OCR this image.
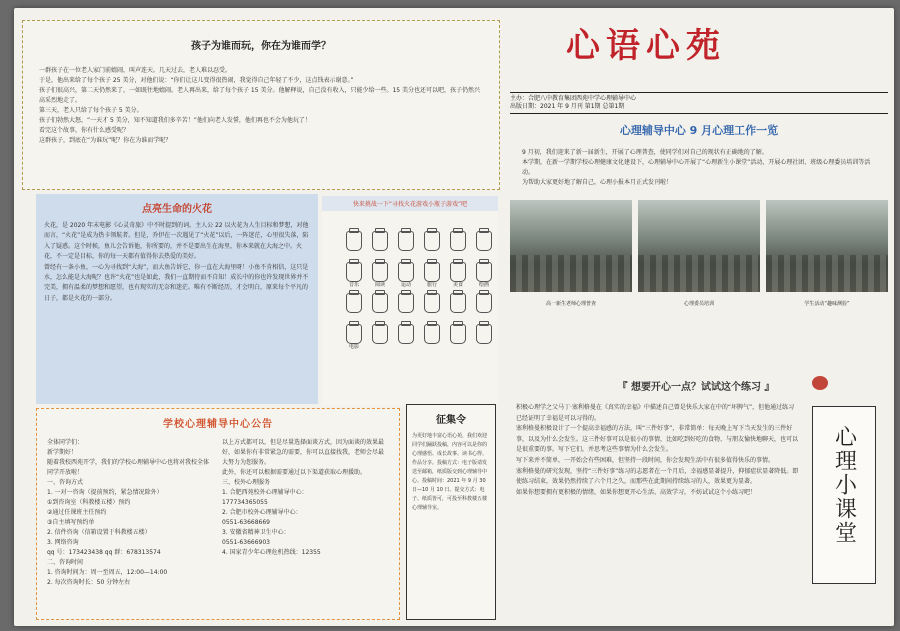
孩子为谁而玩，你在为谁而学？

一群孩子在一位老人家门前嬉闹，叫声连天。几天过去，老人难以忍受。

于是，他出来给了每个孩子 25 美分，对他们说：“你们让这儿变得很热闹，我觉得自己年轻了不少，这点钱表示谢意。”

孩子们很高兴，第二天仍然来了，一如既往地嬉闹。老人再出来，给了每个孩子 15 美分。他解释说，自己没有收入，只能少给一些。15 美分也还可以吧，孩子仍然兴高采烈地走了。

第三天，老人只给了每个孩子 5 美分。

孩子们勃然大怒，“一天才 5 美分，知不知道我们多辛苦！”他们向老人发誓，他们再也不会为他玩了！

看完这个故事，你有什么感受呢？

这群孩子，到底在“为谁玩”呢？你在为谁而学呢？

点亮生命的火花

火花，是 2020 年末电影《心灵奇旅》中不时提到的词。主人公 22 以火花为人生目标和梦想，对他而言，“火花”是成为热卡领航者。但是，乔伊在一次遇见了“火花”以后，一阵迷茫，心里很失落，陷入了疑惑。这个时候，鱼儿会告诉他，你所要的，并不是要出生在海里，你本来就在大海之中。火花，不一定是目标，你的每一天都有值得你去热爱的美好。

曾经有一条小鱼，一心为寻找到“大海”，而大鱼告诉它，你一直在大海里呀！小鱼不肯相信，这只是水，怎么能是大海呢？也许“火花”也是如此，我们一直期待而不自知！成长中的你也许发现世界并不完美，拥有温柔的梦想和愿望，也有现实的无奈和迷茫。唯有不断经历，才会明白，原来每个平凡的日子，都是火花的一部分。

快来挑战一下“寻找火花游戏小瓶子游戏”吧
音乐	阅读	运动	旅行	美食	绘画
电影
学校心理辅导中心公告
全体同学们：
新学期好！
随着我校西苑开学，我们的学校心理辅导中心也将对我校全体同学开放啦！
一、咨询方式
1. 一对一咨询（提前预约，紧急情况除外）
①到咨询室（科教楼五楼）预约
②通过任课班主任预约
③自主填写预约单
2. 信件咨询（信箱设置于科教楼五楼）
3. 网络咨询
qq 号：173423438 qq 群：678313574
二、咨询时间
1. 咨询时间为：周一至周五，12:00—14:00
2. 每次咨询时长：50 分钟左右
以上方式都可以，但是尽量选择面谈方式，因为面谈的效果最好，如果你有非常紧急的需要，你可以直接找我，老师会尽最大努力为您服务。
此外，你还可以根据需要通过以下渠道获取心理援助。
三、校外心理服务
1. 合肥西苑校外心理辅导中心：
177734365055
2. 合肥市校外心理辅导中心：
0551-63668669
3. 安徽省精神卫生中心：
0551-63666903
4. 国家青少年心理危机热线：12355
征集令

为更好地丰富心语心苑，我们欢迎同学们踊跃投稿，内容可以是你的心理感悟、成长故事、读书心得、作品分享。投稿方式：电子版请发送至邮箱，纸质版交到心理辅导中心。投稿时间：2021 年 9 月 30 日—10 月 10 日。提交方式：电子、纸质皆可，可投至科教楼五楼心理辅导室。

心语心苑
主办：合肥八中教育集团西苑中学心理辅导中心
出版日期：2021 年 9 月刊 第1期 总第1期
心理辅导中心 9 月心理工作一览

9 月初，我们迎来了新一届新生，开展了心理普查，使同学们对自己的现状有正确地的了解。

本学期，在新一学期学校心理健康文化建设下，心理辅导中心开展了“心理新生小课堂”活动，开展心理社团、班级心理委员培训等活动。

为帮助大家更好地了解自己，心理小报本月正式发刊啦！

高一新生老师心理普查	心理委员培训	学生活动“趣味测验”
『 想要开心一点？试试这个练习 』

积极心理学之父马丁·塞利格曼在《真实的幸福》中描述自己曾是快乐大家在中的“坏脾气”，但他通过练习已经证明了幸福是可以习得的。

塞利格曼积极设计了一个提高幸福感的方法，叫“三件好事”，非常简单：每天晚上写下当天发生的三件好事，以及为什么会发生。这三件好事可以是很小的事情，比如吃到好吃的食物、与朋友愉快地聊天，也可以是很重要的事。写下它们，并思考这些事情为什么会发生。

写下来并不简单，一开始会有些困难，但坚持一段时间，你会发现生活中有很多值得快乐的事情。

塞利格曼的研究发现，坚持“三件好事”练习的志愿者在一个月后，幸福感显著提升，抑郁症状显著降低。即使练习结束，效果仍然持续了六个月之久，而那些在此期间持续练习的人，效果更为显著。

如果你想要拥有更积极的情绪，如果你想更开心生活、高效学习，不妨试试这个小练习吧！	心理小课堂
